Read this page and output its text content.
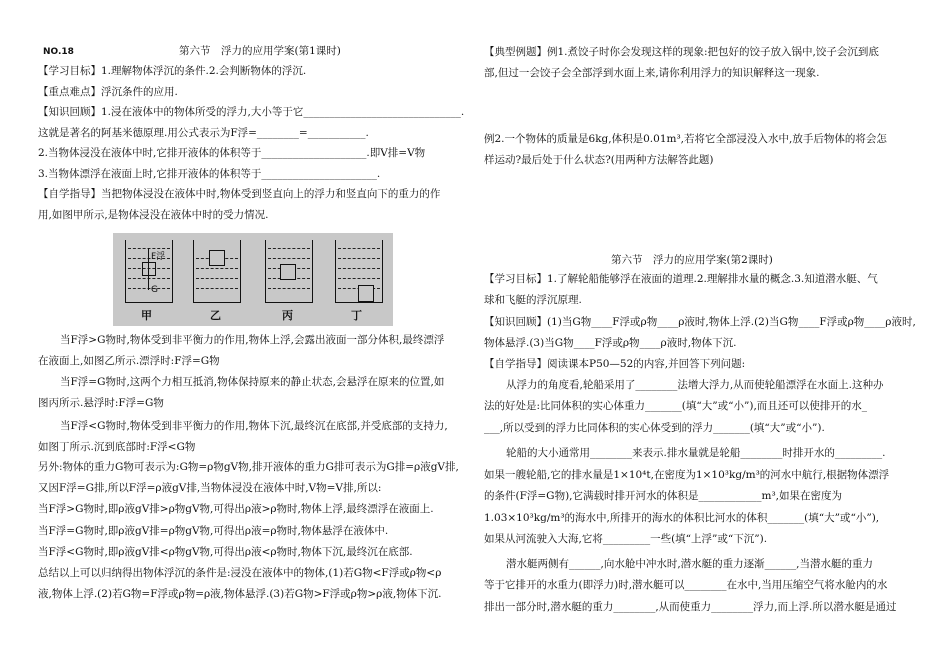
NO.18	第六节　浮力的应用学案(第1课时)
【学习目标】1.理解物体浮沉的条件.2.会判断物体的浮沉.
【重点难点】浮沉条件的应用.
【知识回顾】1.浸在液体中的物体所受的浮力,大小等于它______________________________.
这就是著名的阿基米德原理.用公式表示为F浮=________=___________.
2.当物体浸没在液体中时,它排开液体的体积等于____________________.即V排=V物
3.当物体漂浮在液面上时,它排开液体的体积等于______________________.
【自学指导】当把物体浸没在液体中时,物体受到竖直向上的浮力和竖直向下的重力的作
用,如图甲所示,是物体浸没在液体中时的受力情况.
F浮
G
甲	乙	丙	丁
当F浮>G物时,物体受到非平衡力的作用,物体上浮,会露出液面一部分体积,最终漂浮
在液面上,如图乙所示.漂浮时:F浮=G物
当F浮=G物时,这两个力相互抵消,物体保持原来的静止状态,会悬浮在原来的位置,如
图丙所示.悬浮时:F浮=G物
当F浮<G物时,物体受到非平衡力的作用,物体下沉,最终沉在底部,并受底部的支持力,
如图丁所示.沉到底部时:F浮<G物
另外:物体的重力G物可表示为:G物=ρ物gV物,排开液体的重力G排可表示为G排=ρ液gV排,
又因F浮=G排,所以F浮=ρ液gV排,当物体浸没在液体中时,V物=V排,所以:
当F浮>G物时,即ρ液gV排>ρ物gV物,可得出ρ液>ρ物时,物体上浮,最终漂浮在液面上.
当F浮=G物时,即ρ液gV排=ρ物gV物,可得出ρ液=ρ物时,物体悬浮在液体中.
当F浮<G物时,即ρ液gV排<ρ物gV物,可得出ρ液<ρ物时,物体下沉,最终沉在底部.
总结以上可以归纳得出物体浮沉的条件是:浸没在液体中的物体,(1)若G物<F浮或ρ物<ρ
液,物体上浮.(2)若G物=F浮或ρ物=ρ液,物体悬浮.(3)若G物>F浮或ρ物>ρ液,物体下沉.
【典型例题】例1.煮饺子时你会发现这样的现象:把包好的饺子放入锅中,饺子会沉到底
部,但过一会饺子会全部浮到水面上来,请你利用浮力的知识解释这一现象.
例2.一个物体的质量是6kg,体积是0.01m³,若将它全部浸没入水中,放手后物体的将会怎
样运动?最后处于什么状态?(用两种方法解答此题)
第六节　浮力的应用学案(第2课时)
【学习目标】1.了解轮船能够浮在液面的道理.2.理解排水量的概念.3.知道潜水艇、气
球和飞艇的浮沉原理.
【知识回顾】(1)当G物____F浮或ρ物____ρ液时,物体上浮.(2)当G物____F浮或ρ物____ρ液时,
物体悬浮.(3)当G物____F浮或ρ物____ρ液时,物体下沉.
【自学指导】阅读课本P50—52的内容,并回答下列问题:
从浮力的角度看,轮船采用了________法增大浮力,从而使轮船漂浮在水面上.这种办
法的好处是:比同体积的实心体重力_______(填“大”或“小”),而且还可以使排开的水_
___,所以受到的浮力比同体积的实心体受到的浮力_______(填“大”或“小”).
轮船的大小通常用________来表示.排水量就是轮船________时排开水的_________.
如果一艘轮船,它的排水量是1×10⁴t,在密度为1×10³kg/m³的河水中航行,根据物体漂浮
的条件(F浮=G物),它满载时排开河水的体积是____________m³,如果在密度为
1.03×10³kg/m³的海水中,所排开的海水的体积比河水的体积_______(填“大”或“小”),
如果从河流驶入大海,它将_________一些(填“上浮”或“下沉”).
潜水艇两侧有______,向水舱中冲水时,潜水艇的重力逐渐______,当潜水艇的重力
等于它排开的水重力(即浮力)时,潜水艇可以________在水中,当用压缩空气将水舱内的水
排出一部分时,潜水艇的重力________,从而使重力________浮力,而上浮.所以潜水艇是通过
